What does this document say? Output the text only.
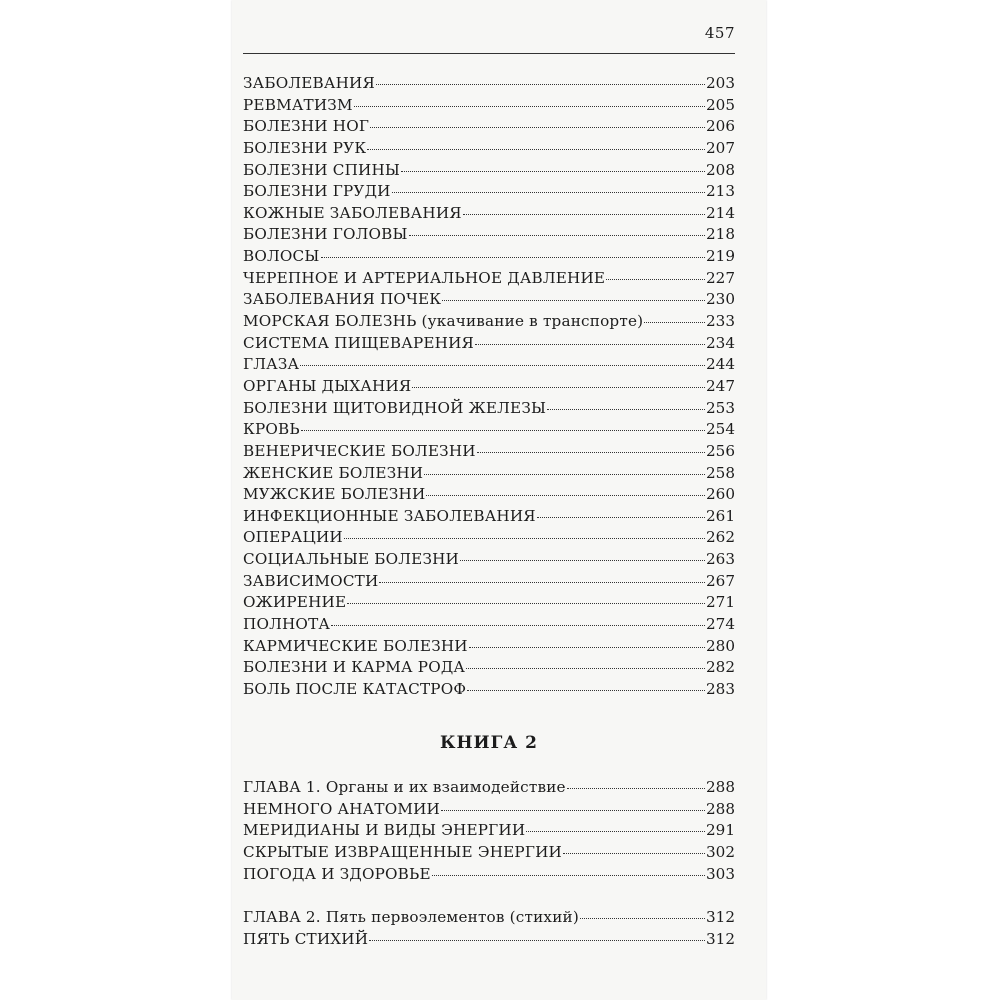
457
ЗАБОЛЕВАНИЯ	203
РЕВМАТИЗМ	205
БОЛЕЗНИ НОГ	206
БОЛЕЗНИ РУК	207
БОЛЕЗНИ СПИНЫ	208
БОЛЕЗНИ ГРУДИ	213
КОЖНЫЕ ЗАБОЛЕВАНИЯ	214
БОЛЕЗНИ ГОЛОВЫ	218
ВОЛОСЫ	219
ЧЕРЕПНОЕ И АРТЕРИАЛЬНОЕ ДАВЛЕНИЕ	227
ЗАБОЛЕВАНИЯ ПОЧЕК	230
МОРСКАЯ БОЛЕЗНЬ (укачивание в транспорте)	233
СИСТЕМА ПИЩЕВАРЕНИЯ	234
ГЛАЗА	244
ОРГАНЫ ДЫХАНИЯ	247
БОЛЕЗНИ ЩИТОВИДНОЙ ЖЕЛЕЗЫ	253
КРОВЬ	254
ВЕНЕРИЧЕСКИЕ БОЛЕЗНИ	256
ЖЕНСКИЕ БОЛЕЗНИ	258
МУЖСКИЕ БОЛЕЗНИ	260
ИНФЕКЦИОННЫЕ ЗАБОЛЕВАНИЯ	261
ОПЕРАЦИИ	262
СОЦИАЛЬНЫЕ БОЛЕЗНИ	263
ЗАВИСИМОСТИ	267
ОЖИРЕНИЕ	271
ПОЛНОТА	274
КАРМИЧЕСКИЕ БОЛЕЗНИ	280
БОЛЕЗНИ И КАРМА РОДА	282
БОЛЬ ПОСЛЕ КАТАСТРОФ	283
КНИГА 2
ГЛАВА 1. Органы и их взаимодействие	288
НЕМНОГО АНАТОМИИ	288
МЕРИДИАНЫ И ВИДЫ ЭНЕРГИИ	291
СКРЫТЫЕ ИЗВРАЩЕННЫЕ ЭНЕРГИИ	302
ПОГОДА И ЗДОРОВЬЕ	303
ГЛАВА 2. Пять первоэлементов (стихий)	312
ПЯТЬ СТИХИЙ	312
